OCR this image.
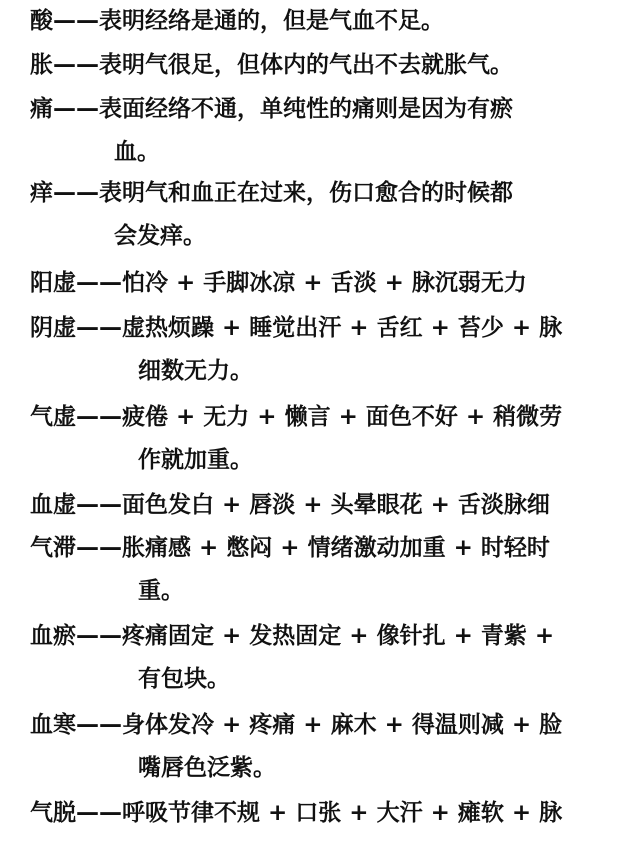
酸——表明经络是通的，但是气血不足。
胀——表明气很足，但体内的气出不去就胀气。
痛——表面经络不通，单纯性的痛则是因为有瘀
血。
痒——表明气和血正在过来，伤口愈合的时候都
会发痒。
阳虚——怕冷 + 手脚冰凉 + 舌淡 + 脉沉弱无力
阴虚——虚热烦躁 + 睡觉出汗 + 舌红 + 苔少 + 脉
细数无力。
气虚——疲倦 + 无力 + 懒言 + 面色不好 + 稍微劳
作就加重。
血虚——面色发白 + 唇淡 + 头晕眼花 + 舌淡脉细
气滞——胀痛感 + 憋闷 + 情绪激动加重 + 时轻时
重。
血瘀——疼痛固定 + 发热固定 + 像针扎 + 青紫 +
有包块。
血寒——身体发冷 + 疼痛 + 麻木 + 得温则减 + 脸
嘴唇色泛紫。
气脱——呼吸节律不规 + 口张 + 大汗 + 瘫软 + 脉
